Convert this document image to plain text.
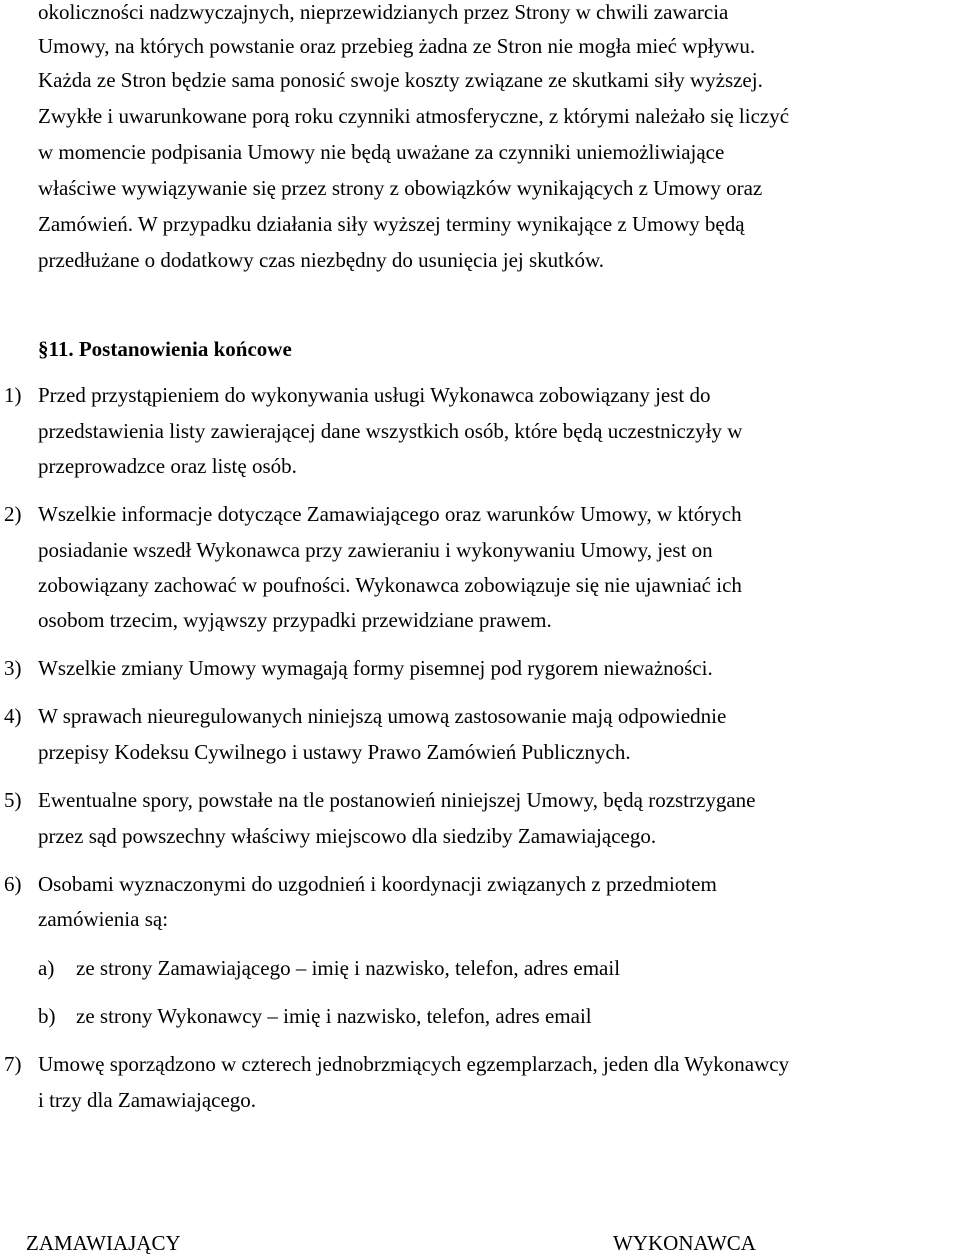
okoliczności nadzwyczajnych, nieprzewidzianych przez Strony w chwili zawarcia
Umowy, na których powstanie oraz przebieg żadna ze Stron nie mogła mieć wpływu.
Każda ze Stron będzie sama ponosić swoje koszty związane ze skutkami siły wyższej.
Zwykłe i uwarunkowane porą roku czynniki atmosferyczne, z którymi należało się liczyć
w momencie podpisania Umowy nie będą uważane za czynniki uniemożliwiające
właściwe wywiązywanie się przez strony z obowiązków wynikających z Umowy oraz
Zamówień. W przypadku działania siły wyższej terminy wynikające z Umowy będą
przedłużane o dodatkowy czas niezbędny do usunięcia jej skutków.
§11. Postanowienia końcowe
1) Przed przystąpieniem do wykonywania usługi Wykonawca zobowiązany jest do
przedstawienia listy zawierającej dane wszystkich osób, które będą uczestniczyły w
przeprowadzce oraz listę osób.
2) Wszelkie informacje dotyczące Zamawiającego oraz warunków Umowy, w których
posiadanie wszedł Wykonawca przy zawieraniu i wykonywaniu Umowy, jest on
zobowiązany zachować w poufności. Wykonawca zobowiązuje się nie ujawniać ich
osobom trzecim, wyjąwszy przypadki przewidziane prawem.
3) Wszelkie zmiany Umowy wymagają formy pisemnej pod rygorem nieważności.
4) W sprawach nieuregulowanych niniejszą umową zastosowanie mają odpowiednie
przepisy Kodeksu Cywilnego i ustawy Prawo Zamówień Publicznych.
5) Ewentualne spory, powstałe na tle postanowień niniejszej Umowy, będą rozstrzygane
przez sąd powszechny właściwy miejscowo dla siedziby Zamawiającego.
6) Osobami wyznaczonymi do uzgodnień i koordynacji związanych z przedmiotem
zamówienia są:
a) ze strony Zamawiającego – imię i nazwisko, telefon, adres email
b) ze strony Wykonawcy – imię i nazwisko, telefon, adres email
7) Umowę sporządzono w czterech jednobrzmiących egzemplarzach, jeden dla Wykonawcy
i trzy dla Zamawiającego.
ZAMAWIAJĄCY	WYKONAWCA
